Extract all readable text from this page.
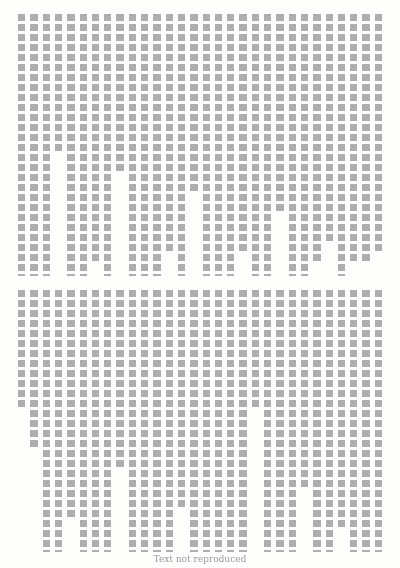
Text not reproduced
